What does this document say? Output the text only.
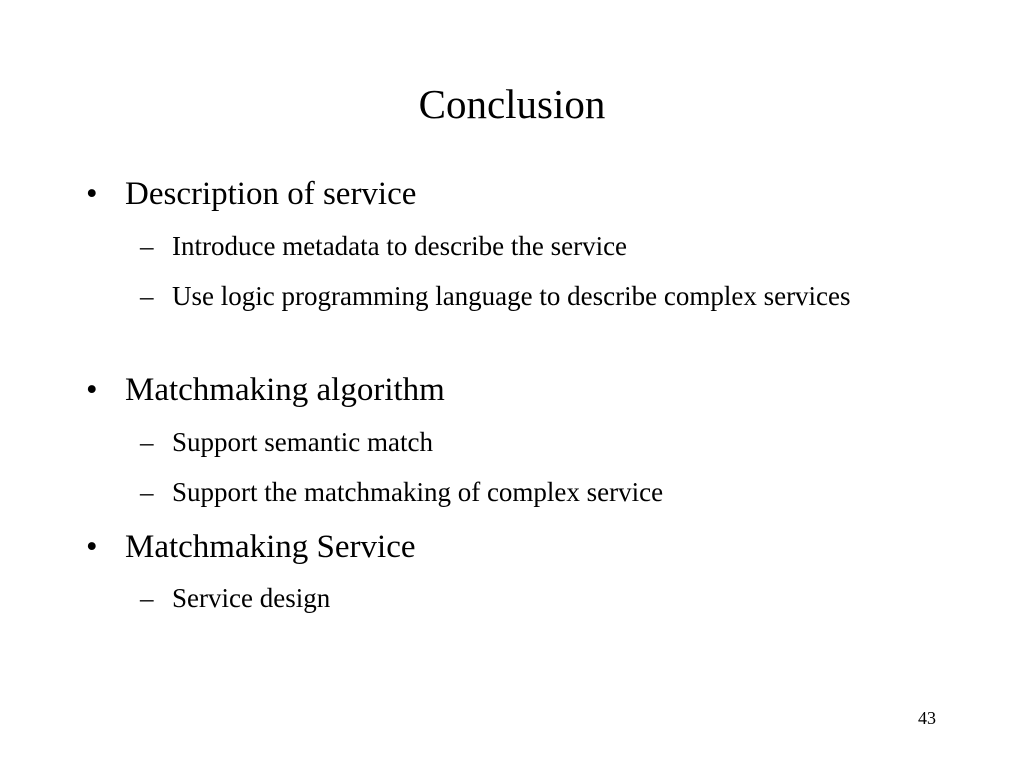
Conclusion
• Description of service
– Introduce metadata to describe the service
– Use logic programming language to describe complex services
• Matchmaking algorithm
– Support semantic match
– Support the matchmaking of complex service
• Matchmaking Service
– Service design
43
